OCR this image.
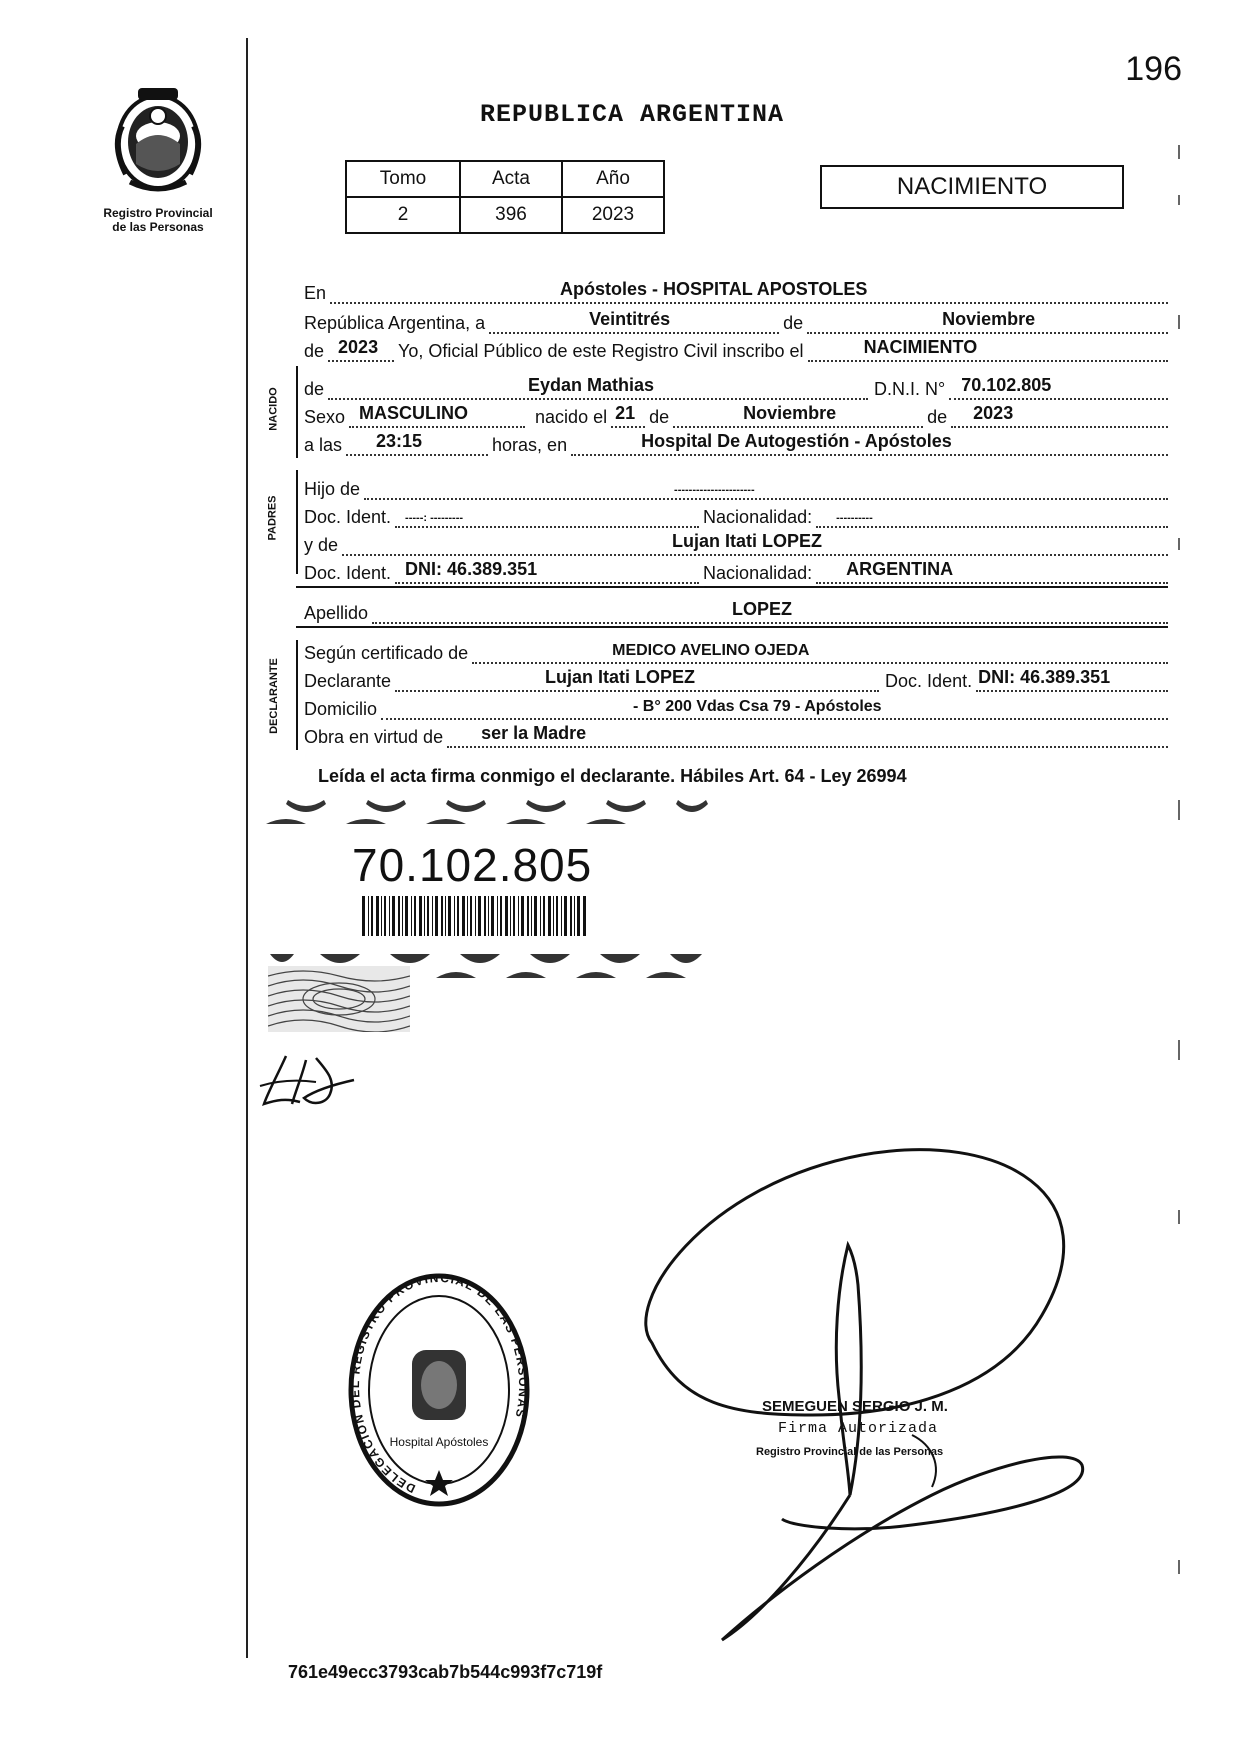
196
Registro Provincial
de las Personas
REPUBLICA ARGENTINA
Tomo	Acta	Año
2	396	2023
NACIMIENTO
NACIDO
PADRES
DECLARANTE
En	Apóstoles - HOSPITAL APOSTOLES
República Argentina, a	Veintitrés	de	Noviembre
de 2023 Yo, Oficial Público de este Registro Civil inscribo el	NACIMIENTO
de	Eydan Mathias	D.N.I. N° 70.102.805
Sexo MASCULINO	nacido el 21 de	Noviembre	de 2023
a las 23:15	horas, en	Hospital De Autogestión - Apóstoles
Hijo de	----------------------
Doc. Ident.	-----: ---------	Nacionalidad:	----------
y de	Lujan Itati LOPEZ
Doc. Ident. DNI: 46.389.351	Nacionalidad: ARGENTINA
Apellido	LOPEZ
Según certificado de	MEDICO AVELINO OJEDA
Declarante	Lujan Itati LOPEZ	Doc. Ident. DNI: 46.389.351
Domicilio	- B° 200 Vdas Csa 79 - Apóstoles
Obra en virtud de ser la Madre
Leída el acta firma conmigo el declarante. Hábiles Art. 64 - Ley 26994
70.102.805
DELEGACION DEL REGISTRO PROVINCIAL DE LAS PERSONAS
Hospital Apóstoles
SEMEGUEN SERGIO J. M.
Firma Autorizada
Registro Provincial de las Personas
761e49ecc3793cab7b544c993f7c719f
